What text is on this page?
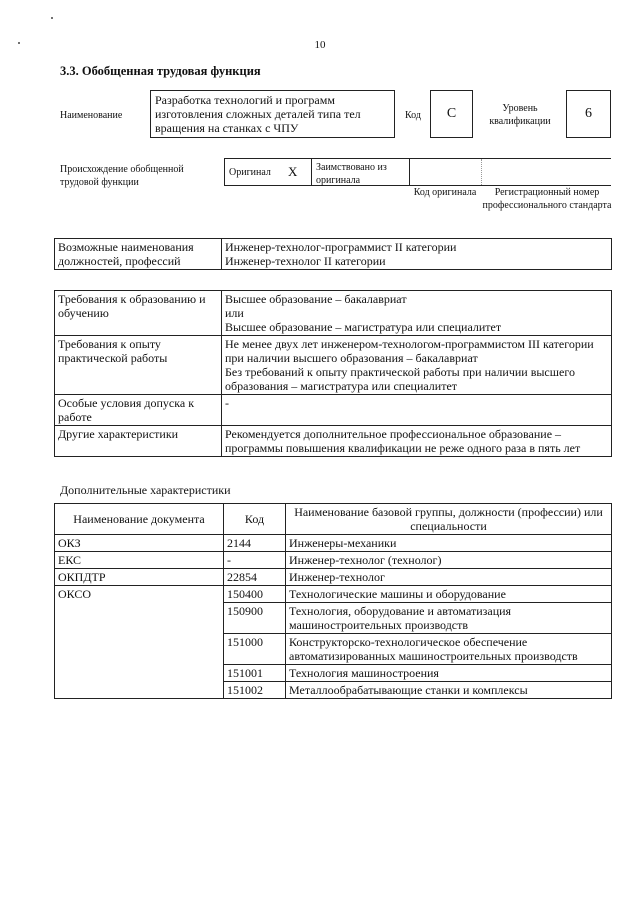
10
3.3. Обобщенная трудовая функция
Наименование
Разработка технологий и программ изготовления сложных деталей типа тел вращения на станках с ЧПУ
Код	С	Уровень квалификации
6
Происхождение обобщенной трудовой функции
Оригинал X Заимствовано из оригинала
Код оригинала	Регистрационный номер профессионального стандарта
Возможные наименования должностей, профессий	
Инженер-технолог-программист II категории
Инженер-технолог II категории
Требования к образованию и обучению	Высшее образование – бакалавриат
или
Высшее образование – магистратура или специалитет

Требования к опыту практической работы	Не менее двух лет инженером-технологом-программистом III категории при наличии высшего образования – бакалавриат
Без требований к опыту практической работы при наличии высшего образования – магистратура или специалитет

Особые условия допуска к работе	-
Другие характеристики	Рекомендуется дополнительное профессиональное образование – программы повышения квалификации не реже одного раза в пять лет
Дополнительные характеристики
Наименование документа	Код	Наименование базовой группы, должности (профессии) или специальности
ОКЗ	2144	Инженеры-механики
ЕКС	-	Инженер-технолог (технолог)
ОКПДТР	22854	Инженер-технолог
ОКСО	150400	Технологические машины и оборудование
	150900	Технология, оборудование и автоматизация машиностроительных производств
	151000	Конструкторско-технологическое обеспечение автоматизированных машиностроительных производств
	151001	Технология машиностроения
	151002	Металлообрабатывающие станки и комплексы
